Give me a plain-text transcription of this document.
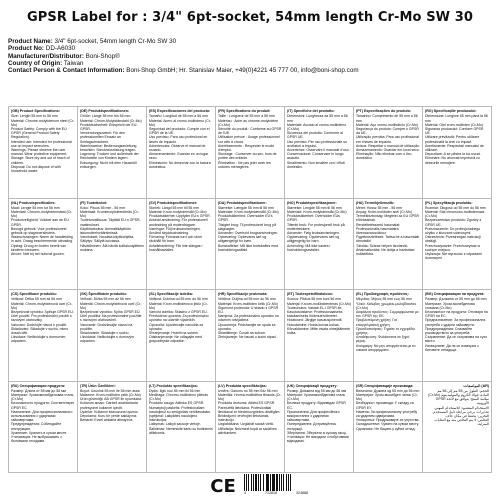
GPSR Label for : 3/4" 6pt-socket, 54mm length Cr-Mo SW 30
Product Name: 3/4" 6pt-socket, 54mm length Cr-Mo SW 30
Product No: DD-A6030
Manufacturer/Distributor: Boni-Shop®
Country of Origin: Taiwan
Contact Person & Contact Information: Boni-Shop GmbH; Hr. Stanislav Maier, +49(0)4221 45 777 00, info@boni-shop.com
(GB) Product Specifications:
Size: Length 55 mm to 56 mm
Material: Chrome-molybdenum steel (Cr-Mo)
Product Safety: Comply with the EU GPSR (General Product Safety Regulation).
Intended use: Intended for professional use on impact wrenches.
Warnings: Please observe the user manual. Wear protective equipment.
Storage: Store dry and out of reach of children.
Disposal: Do not dispose of with household waste.
(DE) Produktspezifikationen:
Größe: Länge 55 mm bis 56 mm
Material: Chrom-Molybdänstahl (Cr-Mo)
Produktsicherheit: Entspricht der EU-GPSR.
Verwendungszweck: Für den professionellen Einsatz an Schlagschraubern.
Warnhinweise: Bedienungsanleitung beachten. Schutzausrüstung tragen.
Lagerung: Trocken und außerhalb der Reichweite von Kindern lagern.
Entsorgung: Nicht mit dem Hausmüll entsorgen.
(ES) Especificaciones del producto:
Tamaño: Longitud de 55 mm a 56 mm
Material: Acero al cromo-molibdeno (Cr-Mo)
Seguridad del producto: Cumple con el GPSR de la UE.
Uso previsto: Para uso profesional en llaves de impacto.
Advertencias: Observe el manual de usuario.
Almacenamiento: Guardar en un lugar seco.
Eliminación: No desechar con la basura doméstica.
(FR) Spécifications du produit:
Taille : Longueur de 55 mm à 56 mm
Matériau : Acier au chrome-molybdène (Cr-Mo)
Sécurité du produit : Conforme au GPSR de l'UE.
Utilisation prévue : Usage professionnel sur clés à chocs.
Avertissements : Respecter le mode d'emploi.
Stockage : Conserver au sec, hors de portée des enfants.
Élimination : Ne pas jeter avec les ordures ménagères.
(IT) Specifiche del prodotto:
Dimensioni: Lunghezza da 55 mm a 56 mm
Materiale: Acciaio al cromo-molibdeno (Cr-Mo)
Sicurezza del prodotto: Conforme al GPSR UE.
Uso previsto: Per uso professionale su avvitatori a impulsi.
Avvertenze: Osservare il manuale d'uso.
Conservazione: Conservare in luogo asciutto.
Smaltimento: Non smaltire con i rifiuti domestici.
(PT) Especificações do produto:
Tamanho: Comprimento de 55 mm a 56 mm
Material: Aço cromo-molibdénio (Cr-Mo)
Segurança do produto: Cumpre o GPSR da UE.
Utilização prevista: Para uso profissional em chaves de impacto.
Avisos: Respeitar o manual de utilização.
Armazenamento: Guardar em local seco.
Eliminação: Não eliminar com o lixo doméstico.
(RO) Specificațiile produsului:
Dimensiune: Lungime 55 mm până la 56 mm
Material: Oțel crom-molibden (Cr-Mo)
Siguranța produsului: Conform GPSR UE.
Utilizare prevăzută: Pentru utilizare profesională la chei cu impact.
Avertismente: Respectați manualul de utilizare.
Depozitare: A se păstra la loc uscat.
Eliminare: Nu aruncați împreună cu deșeurile menajere.
(NL) Productspecificaties:
Maat: Lengte 55 mm tot 56 mm
Materiaal: Chroom-molybdeenstaal (Cr-Mo)
Productveiligheid: Voldoet aan de EU GPSR.
Beoogd gebruik: Voor professioneel gebruik op slagmoersleutels.
Waarschuwingen: Neem de handleiding in acht. Draag beschermende uitrusting.
Opslag: Droog en buiten bereik van kinderen bewaren.
Afvoer: Niet bij het huisvuil gooien.
(FI) Tuotetiedot:
Koko: Pituus 55 mm - 56 mm
Materiaali: Kromimolybdeeniteräs (Cr-Mo)
Tuoteturvallisuus: Täyttää EU:n GPSR-vaatimukset.
Käyttötarkoitus: Ammattikäyttöön iskumutterinvääntimissä.
Varoitukset: Noudata käyttöohjetta.
Säilytys: Säilytä kuivassa.
Hävittäminen: Älä hävitä kotitalousjätteen mukana.
(SV) Produktspecifikationer:
Storlek: Längd 55 mm till 56 mm
Material: Krom-molybdenstål (Cr-Mo)
Produktsäkerhet: Uppfyller EU:s GPSR.
Avsedd användning: För professionell användning på mutterdragare.
Varningar: Följ bruksanvisningen. Använd skyddsutrustning.
Förvaring: Förvaras torrt och utom räckhåll för barn.
Avfallshantering: Får inte slängas i hushållsavfallet.
(DA) Produktspecifikationer:
Størrelse: Længde 55 mm til 56 mm
Materiale: Krom-molybdænstål (Cr-Mo)
Produktsikkerhed: Overholder EU's GPSR.
Tilsigtet brug: Til professionel brug på slagnøgler.
Advarsler: Overhold brugsanvisningen.
Opbevaring: Opbevares tørt og utilgængeligt for børn.
Bortskaffelse: Må ikke bortskaffes med husholdningsaffald.
(NO) Produktspesifikasjoner:
Størrelse: Lengde 55 mm til 56 mm
Materiale: Krom-molybdenstål (Cr-Mo)
Produktsikkerhet: Overholder EUs GPSR.
Tiltenkt bruk: For profesjonell bruk på muttertrekkere.
Advarsler: Følg bruksanvisningen.
Oppbevaring: Oppbevares tørt og utilgjengelig for barn.
Avhending: Må ikke kastes i husholdningsavfallet.
(HU) Termékjellemzők:
Méret: Hossz 55 mm - 56 mm
Anyag: Króm-molibdén acél (Cr-Mo)
Termékbiztonság: Megfelel az EU GPSR előírásainak.
Rendeltetésszerű használat: Professzionális használatra ütvecsavarozókhoz.
Figyelmeztetések: Tartsa be a használati útmutatót.
Tárolás: Száraz helyen tárolandó.
Ártalmatlanítás: Ne dobja a háztartási hulladékba.
(PL) Specyfikacja produktu:
Rozmiar: Długość od 55 mm do 56 mm
Materiał: Stal chromowo-molibdenowa (Cr-Mo)
Bezpieczeństwo produktu: Zgodny z GPSR UE.
Przeznaczenie: Do profesjonalnego użytku z kluczami udarowymi.
Ostrzeżenia: Przestrzegać instrukcji obsługi.
Przechowywanie: Przechowywać w suchym miejscu.
Utylizacja: Nie wyrzucać z odpadami domowymi.
(CS) Specifikace produktu:
Velikost: Délka 55 mm až 56 mm
Materiál: Chrom-molybdenová ocel (Cr-Mo)
Bezpečnost výrobku: Splňuje GPSR EU.
Účel použití: Pro profesionální použití s rázovými utahováky.
Varování: Dodržujte návod k použití.
Skladování: Skladujte v suchu, mimo dosah dětí.
Likvidace: Nelikvidujte s domovním odpadem.
(SK) Špecifikácie produktu:
Veľkosť: Dĺžka 55 mm až 56 mm
Materiál: Chróm-molybdénová oceľ (Cr-Mo)
Bezpečnosť výrobku: Spĺňa GPSR EÚ.
Účel použitia: Na profesionálne použitie s rázovými uťahovačmi.
Varovanie: Dodržiavajte návod na použitie.
Skladovanie: Skladujte v suchu.
Likvidácia: Nelikvidujte s domovým odpadom.
(SL) Specifikacije izdelka:
Velikost: Dolžina od 55 mm do 56 mm
Material: Krom-molibdenovo jeklo (Cr-Mo)
Varnost izdelka: Skladno z GPSR EU.
Predvidena uporaba: Za profesionalno uporabo na udarnih vijačnikih.
Opozorila: Upoštevajte navodila za uporabo.
Shranjevanje: Hraniti na suhem.
Odstranjevanje: Ne odlagajte med gospodinjske odpadke.
(HR) Specifikacije proizvoda:
Veličina: Duljina od 55 mm do 56 mm
Materijal: Krom-molibden čelik (Cr-Mo)
Sigurnost proizvoda: U skladu s GPSR EU.
Namjena: Za profesionalnu uporabu na udarnim odvijačima.
Upozorenja: Pridržavajte se uputa za uporabu.
Skladištenje: Čuvati na suhom.
Zbrinjavanje: Ne bacati u kućni otpad.
(ET) Tootespetsifikatsioon:
Suurus: Pikkus 55 mm kuni 56 mm
Materjal: Kroom-molübdeenteras (Cr-Mo)
Tooteohutus: Vastab EL-i GPSR-ile.
Kasutusotstarve: Professionaalseks kasutamiseks löökmutrivõtmetel.
Hoiatused: Järgige kasutusjuhendit.
Hoiustamine: Hoida kuivas kohas.
Kõrvaldamine: Mitte visata olmejäätmete hulka.
(EL) Προδιαγραφές προϊόντος:
Μέγεθος: Μήκος 55 mm έως 56 mm
Υλικό: Χάλυβας χρωμίου-μολυβδαινίου (Cr-Mo)
Ασφάλεια προϊόντος: Συμμορφώνεται με τον GPSR της ΕΕ.
Προβλεπόμενη χρήση: Για επαγγελματική χρήση.
Προειδοποιήσεις: Τηρείτε το εγχειρίδιο χρήσης.
Αποθήκευση: Φυλάσσεται σε ξηρό μέρος.
Απόρριψη: Να μην απορρίπτεται με τα οικιακά απορρίμματα.
(BG) Спецификации на продукта:
Размер: Дължина от 55 mm до 56 mm
Материал: Хром-молибденова стомана (Cr-Mo)
Безопасност на продукта: Отговаря на GPSR на ЕС.
Предназначение: За професионална употреба с ударни гайковерти.
Предупреждения: Спазвайте ръководството за употреба.
Съхранение: Да се съхранява на сухо място.
Изхвърляне: Да не се изхвърля с битовите отпадъци.
(RU) Спецификации продукта:
Размер: Длина от 55 мм до 56 мм
Материал: Хромомолибденовая сталь (Cr-Mo)
Безопасность продукта: Соответствует GPSR ЕС.
Назначение: Для профессионального использования с ударными гайковертами.
Предупреждения: Соблюдайте инструкцию.
Хранение: Хранить в сухом месте.
Утилизация: Не выбрасывать с бытовыми отходами.
(TR) Ürün Özellikleri:
Boyut: Uzunluk 55 mm ile 56 mm arası
Malzeme: Krom-molibden çelik (Cr-Mo)
Ürün güvenliği: AB GPSR ile uyumludur.
Kullanım amacı: Darbeli anahtarlarda profesyonel kullanım içindir.
Uyarılar: Kullanım kılavuzuna uyunuz.
Depolama: Kuru bir yerde saklayınız.
Bertaraf: Evsel atıklarla atmayınız.
(LT) Produkto specifikacijos:
Dydis: Ilgis nuo 55 mm iki 56 mm
Medžiaga: Chromo-molibdeno plienas (Cr-Mo)
Produkto sauga: Atitinka ES GPSR.
Numatytoji paskirtis: Profesionaliam naudojimui su smūginiais veržliasukiais.
Įspėjimai: Laikykitės naudojimo instrukcijos.
Laikymas: Laikyti sausoje vietoje.
Šalinimas: Nemeskite kartu su buitinėmis atliekomis.
(LV) Produkta specifikācijas:
Izmērs: Garums no 55 mm līdz 56 mm
Materiāls: Hroma-molibdēna tērauds (Cr-Mo)
Produkta drošums: Atbilst ES GPSR.
Paredzētā lietošana: Profesionālai lietošanai ar triecienuzgriežņu atslēgām.
Brīdinājumi: Ievērojiet lietošanas instrukciju.
Uzglabāšana: Uzglabāt sausā vietā.
Utilizācija: Neizmest kopā ar sadzīves atkritumiem.
(UK) Специфікації продукту:
Розмір: Довжина від 55 мм до 56 мм
Матеріал: Хромомолібденова сталь (Cr-Mo)
Безпека продукту: Відповідає GPSR ЄС.
Призначення: Для професійного використання з ударними гайковертами.
Попередження: Дотримуйтесь інструкції.
Зберігання: Зберігати в сухому місці.
Утилізація: Не викидати з побутовими відходами.
(SR) Спецификације производа:
Величина: Дужина од 55 mm до 56 mm
Материјал: Хром-молибден челик (Cr-Mo)
Безбедност производа: У складу са GPSR ЕУ.
Намена: За професионалну употребу са ударним одвијачима.
Упозорења: Придржавајте се упутства.
Складиштење: Чувати на сувом месту.
Одлагање: Не бацати у кућни отпад.
(AR) المواصفات:
الحجم: الطول من 55 مم إلى 56 مم
المادة: فولاذ الكروم والموليبدينوم (Cr-Mo)
سلامة المنتج: يتوافق مع لائحة GPSR الأوروبية.
الاستخدام المقصود: للاستخدام المهني.
تحذيرات: يرجى مراعاة دليل المستخدم.
التخزين: يحفظ في مكان جاف.
التخلص: لا يتم التخلص منه مع النفايات المنزلية.
CE	4	712818	324888
